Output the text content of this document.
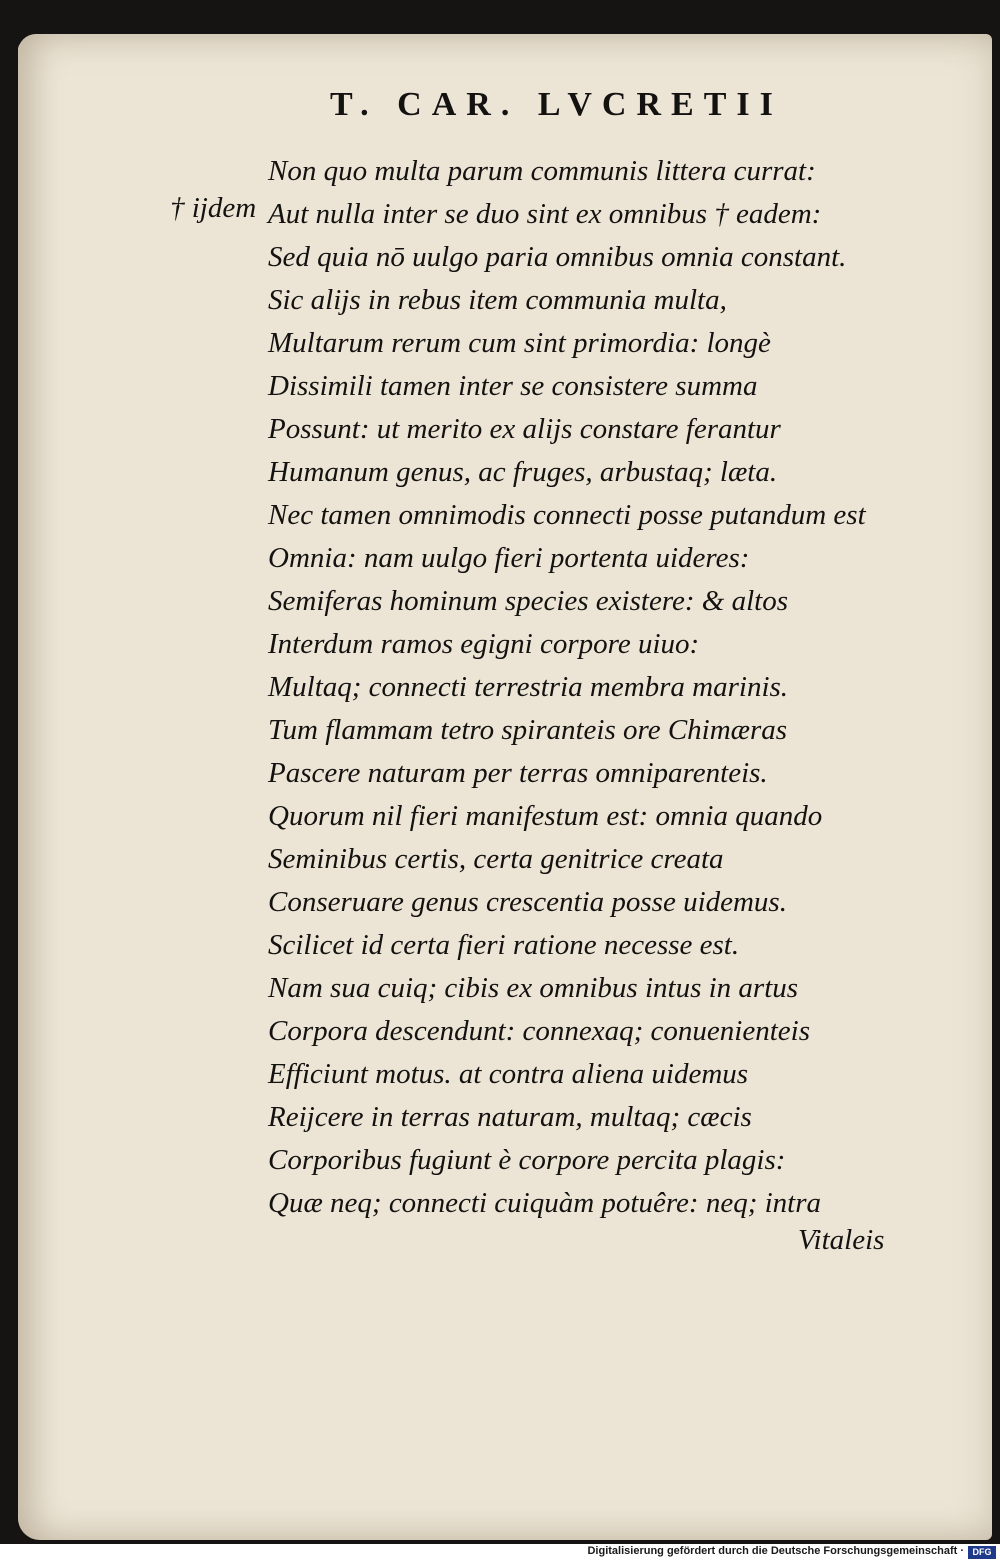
T. CAR. LVCRETII
† ijdem
Non quo multa parum communis littera currat:
Aut nulla inter se duo sint ex omnibus † eadem:
Sed quia nō uulgo paria omnibus omnia constant.
Sic alijs in rebus item communia multa,
Multarum rerum cum sint primordia: longè
Dissimili tamen inter se consistere summa
Possunt: ut merito ex alijs constare ferantur
Humanum genus, ac fruges, arbustaq; læta.
Nec tamen omnimodis connecti posse putandum est
Omnia: nam uulgo fieri portenta uideres:
Semiferas hominum species existere: & altos
Interdum ramos egigni corpore uiuo:
Multaq; connecti terrestria membra marinis.
Tum flammam tetro spiranteis ore Chimæras
Pascere naturam per terras omniparenteis.
Quorum nil fieri manifestum est: omnia quando
Seminibus certis, certa genitrice creata
Conseruare genus crescentia posse uidemus.
Scilicet id certa fieri ratione necesse est.
Nam sua cuiq; cibis ex omnibus intus in artus
Corpora descendunt: connexaq; conuenienteis
Efficiunt motus. at contra aliena uidemus
Reijcere in terras naturam, multaq; cæcis
Corporibus fugiunt è corpore percita plagis:
Quæ neq; connecti cuiquàm potuêre: neq; intra
Vitaleis
Digitalisierung gefördert durch die Deutsche Forschungsgemeinschaft · DFG
